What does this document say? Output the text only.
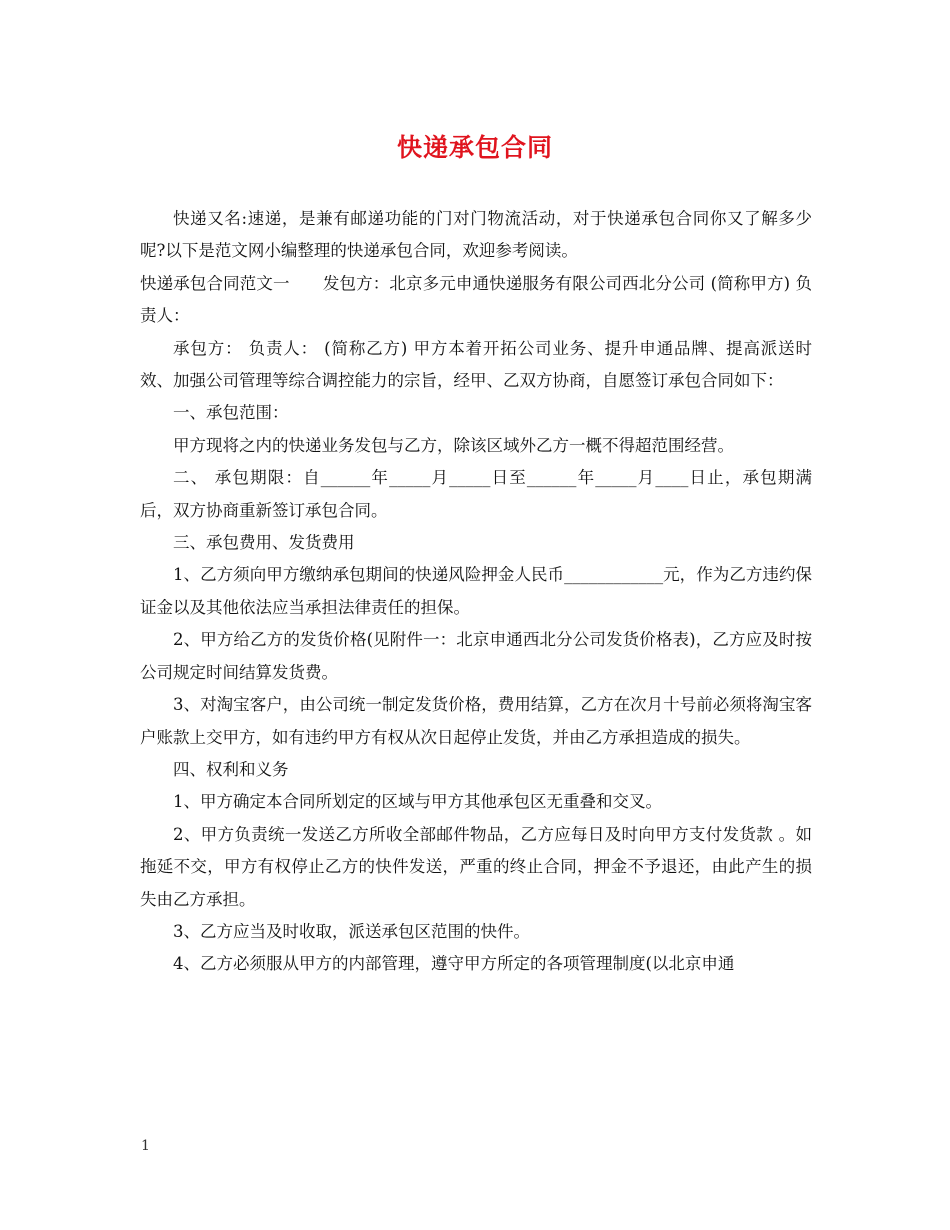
快递承包合同

快递又名:速递，是兼有邮递功能的门对门物流活动，对于快递承包合同你又了解多少呢?以下是范文网小编整理的快递承包合同，欢迎参考阅读。

快递承包合同范文一　　发包方：北京多元申通快递服务有限公司西北分公司 (简称甲方) 负责人：

承包方： 负责人： (简称乙方) 甲方本着开拓公司业务、提升申通品牌、提高派送时效、加强公司管理等综合调控能力的宗旨，经甲、乙双方协商，自愿签订承包合同如下：

一、承包范围：

甲方现将之内的快递业务发包与乙方，除该区域外乙方一概不得超范围经营。

二、 承包期限：自______年_____月_____日至______年_____月____日止，承包期满后，双方协商重新签订承包合同。

三、承包费用、发货费用

1、乙方须向甲方缴纳承包期间的快递风险押金人民币____________元，作为乙方违约保证金以及其他依法应当承担法律责任的担保。

2、甲方给乙方的发货价格(见附件一：北京申通西北分公司发货价格表)，乙方应及时按公司规定时间结算发货费。

3、对淘宝客户，由公司统一制定发货价格，费用结算，乙方在次月十号前必须将淘宝客户账款上交甲方，如有违约甲方有权从次日起停止发货，并由乙方承担造成的损失。

四、权利和义务

1、甲方确定本合同所划定的区域与甲方其他承包区无重叠和交叉。

2、甲方负责统一发送乙方所收全部邮件物品，乙方应每日及时向甲方支付发货款 。如拖延不交，甲方有权停止乙方的快件发送，严重的终止合同，押金不予退还，由此产生的损失由乙方承担。

3、乙方应当及时收取，派送承包区范围的快件。

4、乙方必须服从甲方的内部管理，遵守甲方所定的各项管理制度(以北京申通

1
